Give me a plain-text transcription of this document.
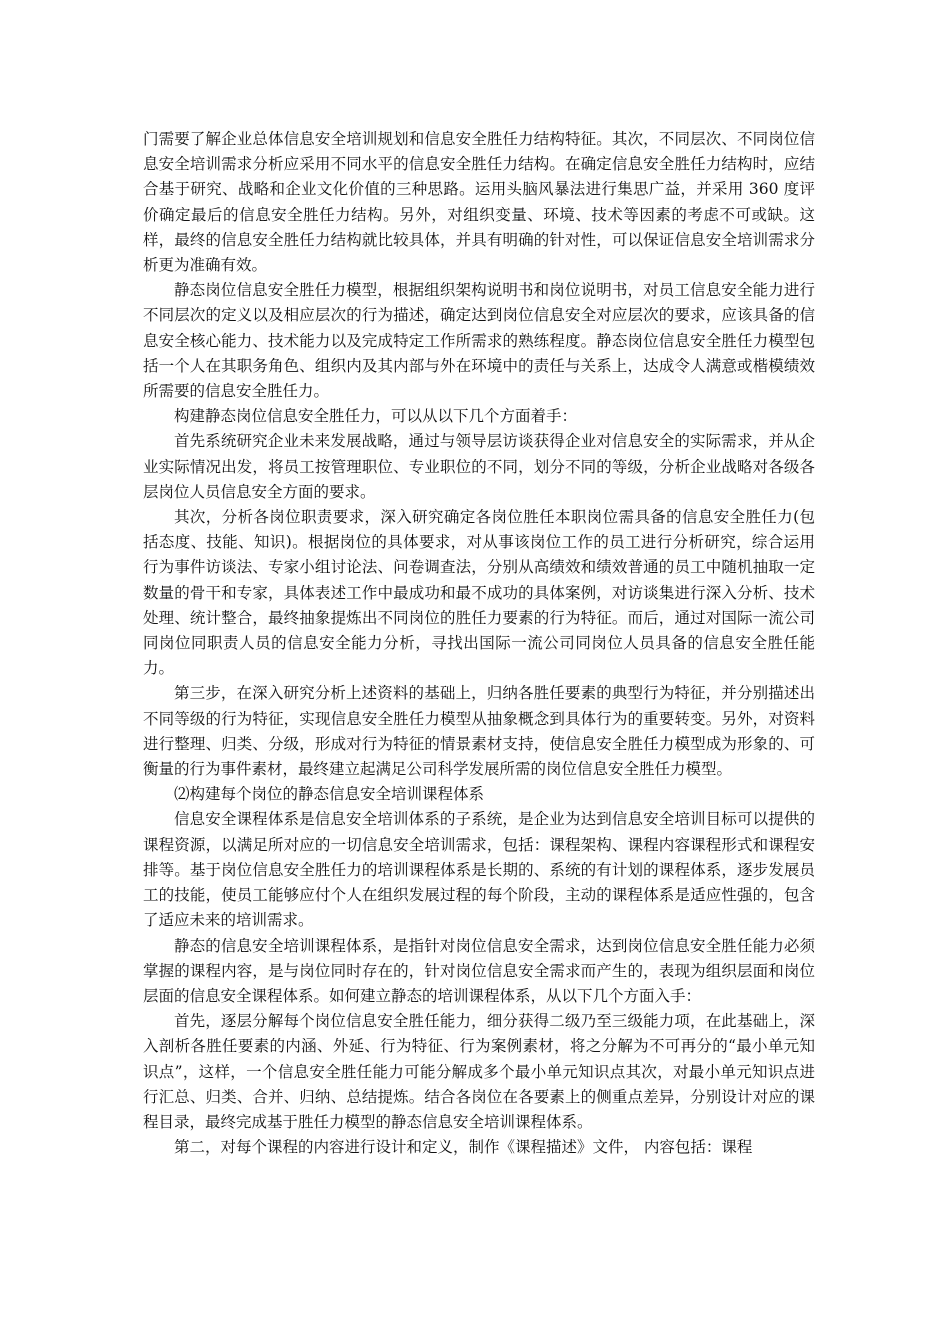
门需要了解企业总体信息安全培训规划和信息安全胜任力结构特征。其次，不同层次、不同岗位信息安全培训需求分析应采用不同水平的信息安全胜任力结构。在确定信息安全胜任力结构时，应结合基于研究、战略和企业文化价值的三种思路。运用头脑风暴法进行集思广益，并采用 360 度评价确定最后的信息安全胜任力结构。另外，对组织变量、环境、技术等因素的考虑不可或缺。这样，最终的信息安全胜任力结构就比较具体，并具有明确的针对性，可以保证信息安全培训需求分析更为准确有效。

静态岗位信息安全胜任力模型，根据组织架构说明书和岗位说明书，对员工信息安全能力进行不同层次的定义以及相应层次的行为描述，确定达到岗位信息安全对应层次的要求，应该具备的信息安全核心能力、技术能力以及完成特定工作所需求的熟练程度。静态岗位信息安全胜任力模型包括一个人在其职务角色、组织内及其内部与外在环境中的责任与关系上，达成令人满意或楷模绩效所需要的信息安全胜任力。

构建静态岗位信息安全胜任力，可以从以下几个方面着手：

首先系统研究企业未来发展战略，通过与领导层访谈获得企业对信息安全的实际需求，并从企业实际情况出发，将员工按管理职位、专业职位的不同，划分不同的等级，分析企业战略对各级各层岗位人员信息安全方面的要求。

其次，分析各岗位职责要求，深入研究确定各岗位胜任本职岗位需具备的信息安全胜任力(包括态度、技能、知识)。根据岗位的具体要求，对从事该岗位工作的员工进行分析研究，综合运用行为事件访谈法、专家小组讨论法、问卷调查法，分别从高绩效和绩效普通的员工中随机抽取一定数量的骨干和专家，具体表述工作中最成功和最不成功的具体案例，对访谈集进行深入分析、技术处理、统计整合，最终抽象提炼出不同岗位的胜任力要素的行为特征。而后，通过对国际一流公司同岗位同职责人员的信息安全能力分析，寻找出国际一流公司同岗位人员具备的信息安全胜任能力。

第三步，在深入研究分析上述资料的基础上，归纳各胜任要素的典型行为特征，并分别描述出不同等级的行为特征，实现信息安全胜任力模型从抽象概念到具体行为的重要转变。另外，对资料进行整理、归类、分级，形成对行为特征的情景素材支持，使信息安全胜任力模型成为形象的、可衡量的行为事件素材，最终建立起满足公司科学发展所需的岗位信息安全胜任力模型。

⑵构建每个岗位的静态信息安全培训课程体系

信息安全课程体系是信息安全培训体系的子系统，是企业为达到信息安全培训目标可以提供的课程资源，以满足所对应的一切信息安全培训需求，包括：课程架构、课程内容课程形式和课程安排等。基于岗位信息安全胜任力的培训课程体系是长期的、系统的有计划的课程体系，逐步发展员工的技能，使员工能够应付个人在组织发展过程的每个阶段，主动的课程体系是适应性强的，包含了适应未来的培训需求。

静态的信息安全培训课程体系，是指针对岗位信息安全需求，达到岗位信息安全胜任能力必须掌握的课程内容，是与岗位同时存在的，针对岗位信息安全需求而产生的，表现为组织层面和岗位层面的信息安全课程体系。如何建立静态的培训课程体系，从以下几个方面入手：

首先，逐层分解每个岗位信息安全胜任能力，细分获得二级乃至三级能力项，在此基础上，深入剖析各胜任要素的内涵、外延、行为特征、行为案例素材，将之分解为不可再分的“最小单元知识点”，这样，一个信息安全胜任能力可能分解成多个最小单元知识点其次，对最小单元知识点进行汇总、归类、合并、归纳、总结提炼。结合各岗位在各要素上的侧重点差异，分别设计对应的课程目录，最终完成基于胜任力模型的静态信息安全培训课程体系。

第二，对每个课程的内容进行设计和定义，制作《课程描述》文件， 内容包括：课程
